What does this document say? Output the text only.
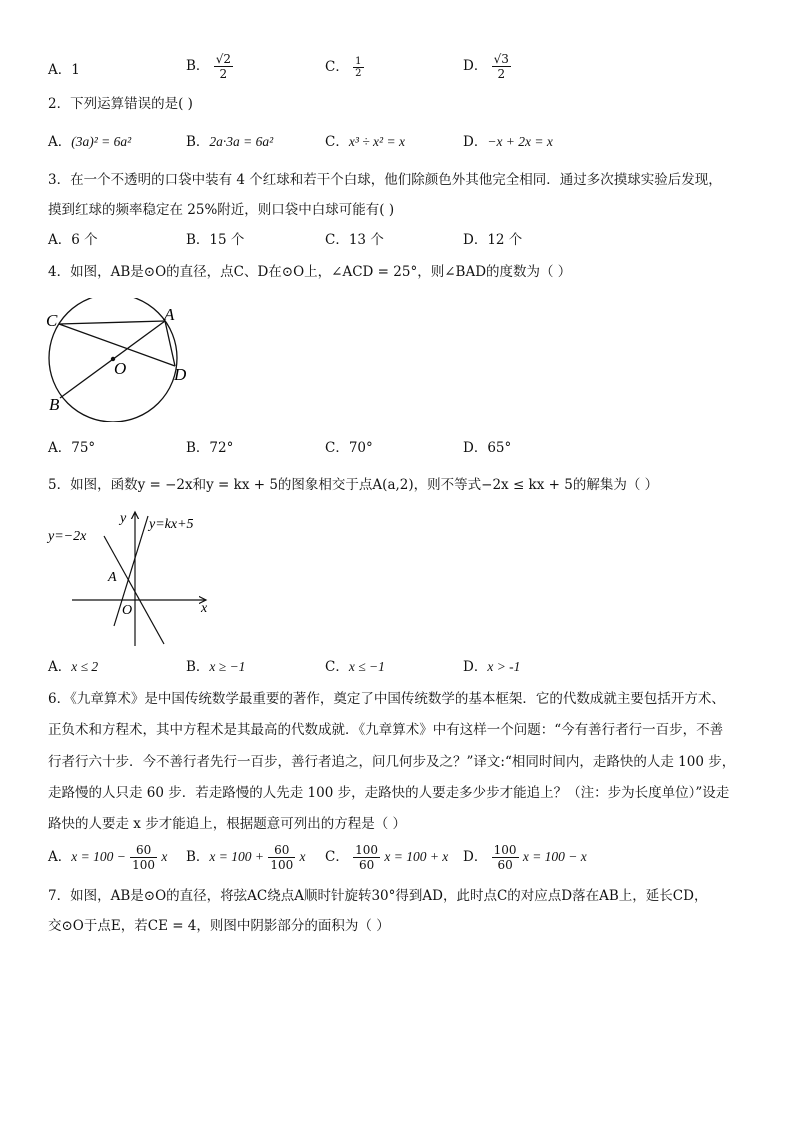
A．1	B． $\frac{√2}{2}$	C． $\frac{1}{2}$	D． $\frac{√3}{2}$
2．下列运算错误的是( )
A．(3a)² = 6a²	B．2a·3a = 6a²	C．x³ ÷ x² = x	D．−x + 2x = x
3．在一个不透明的口袋中装有 4 个红球和若干个白球，他们除颜色外其他完全相同．通过多次摸球实验后发现，
摸到红球的频率稳定在 25%附近，则口袋中白球可能有( )
A．6 个	B．15 个	C．13 个	D．12 个
4．如图，AB是⊙O的直径，点C、D在⊙O上，∠ACD = 25°，则∠BAD的度数为（ ）
C	A
O	D
B
A．75°	B．72°	C．70°	D．65°
5．如图，函数y = −2x和y = kx + 5的图象相交于点A(a,2)，则不等式−2x ≤ kx + 5的解集为（ ）
y=−2x
y=kx+5
y
x
A
O
A．x ≤ 2	B．x ≥ −1	C．x ≤ −1	D．x > -1
6．《九章算术》是中国传统数学最重要的著作，奠定了中国传统数学的基本框架．它的代数成就主要包括开方术、
正负术和方程术，其中方程术是其最高的代数成就．《九章算术》中有这样一个问题：“今有善行者行一百步，不善
行者行六十步．今不善行者先行一百步，善行者追之，问几何步及之？”译文:“相同时间内，走路快的人走 100 步，
走路慢的人只走 60 步．若走路慢的人先走 100 步，走路快的人要走多少步才能追上？（注：步为长度单位）”设走
路快的人要走 x 步才能追上，根据题意可列出的方程是（ ）
A．$x = 100 - \frac{60}{100}$ x B．$x = 100 + \frac{60}{100}$ x C． $\frac{100}{60}$ x = 100 + x D． $\frac{100}{60}$ x = 100 − x
7．如图，AB是⊙O的直径，将弦AC绕点A顺时针旋转30°得到AD，此时点C的对应点D落在AB上，延长CD，
交⊙O于点E，若CE = 4，则图中阴影部分的面积为（ ）
